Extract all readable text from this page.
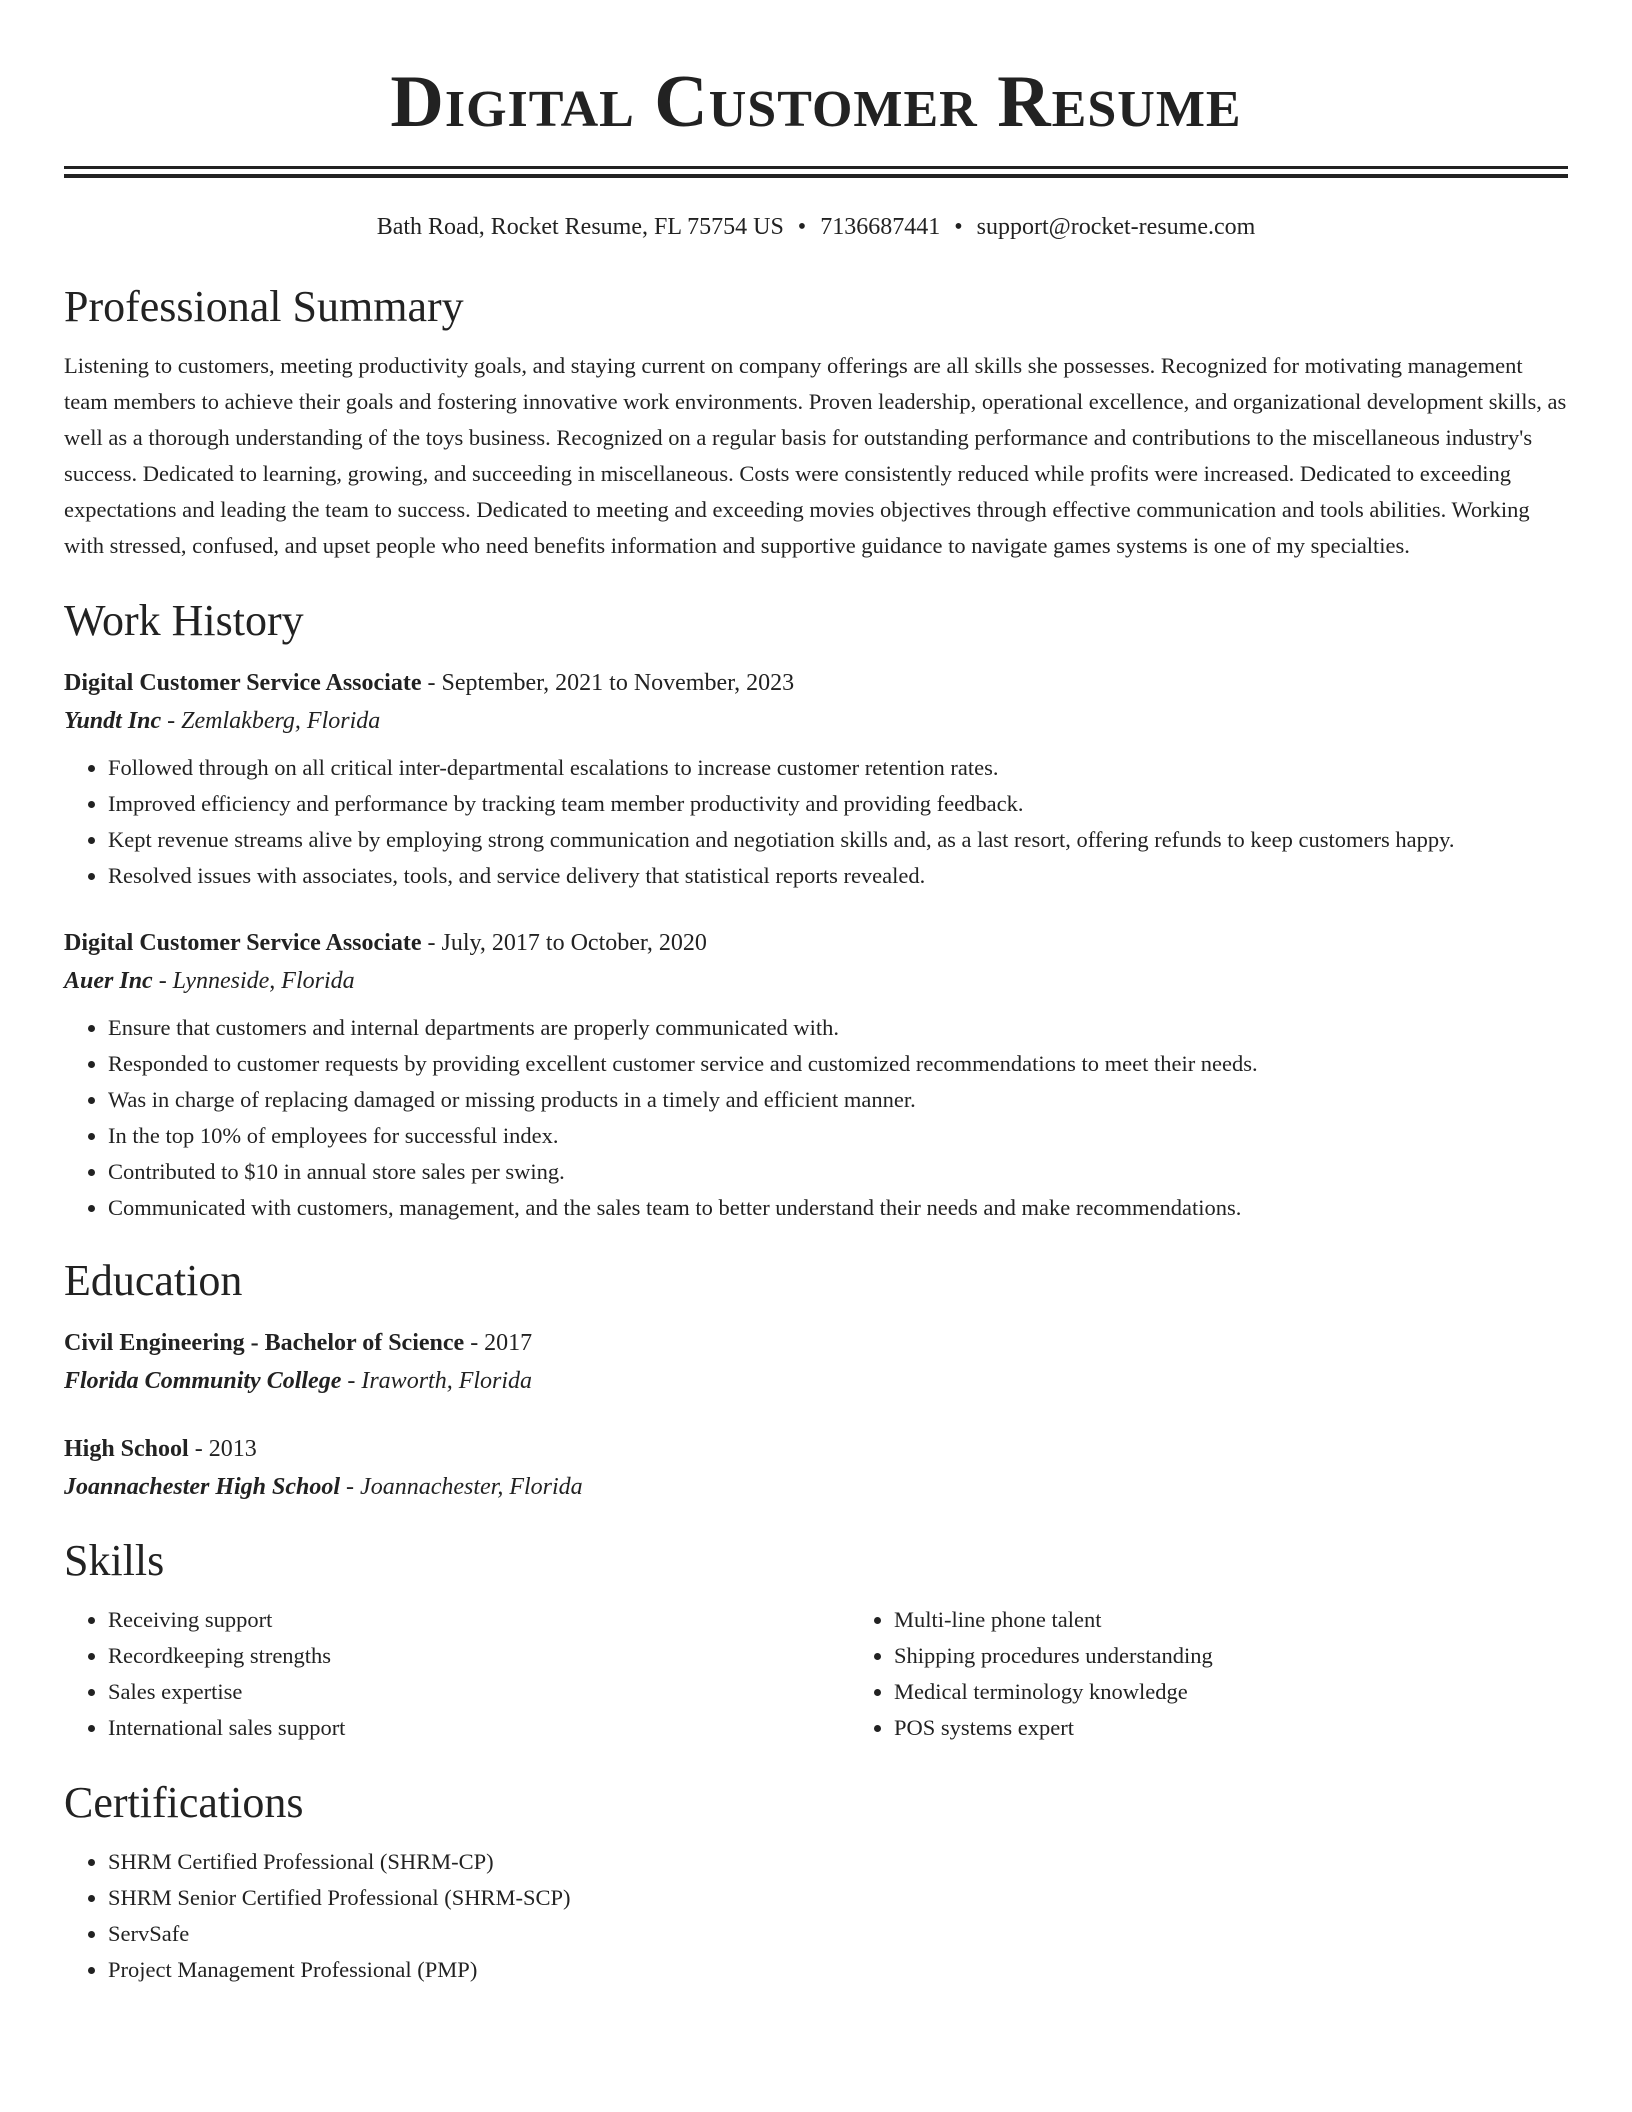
Digital Customer Resume
Bath Road, Rocket Resume, FL 75754 US • 7136687441 • support@rocket-resume.com
Professional Summary

Listening to customers, meeting productivity goals, and staying current on company offerings are all skills she possesses. Recognized for motivating management team members to achieve their goals and fostering innovative work environments. Proven leadership, operational excellence, and organizational development skills, as well as a thorough understanding of the toys business. Recognized on a regular basis for outstanding performance and contributions to the miscellaneous industry's success. Dedicated to learning, growing, and succeeding in miscellaneous. Costs were consistently reduced while profits were increased. Dedicated to exceeding expectations and leading the team to success. Dedicated to meeting and exceeding movies objectives through effective communication and tools abilities. Working with stressed, confused, and upset people who need benefits information and supportive guidance to navigate games systems is one of my specialties.

Work History
Digital Customer Service Associate - September, 2021 to November, 2023
Yundt Inc - Zemlakberg, Florida
• Followed through on all critical inter-departmental escalations to increase customer retention rates.
• Improved efficiency and performance by tracking team member productivity and providing feedback.
• Kept revenue streams alive by employing strong communication and negotiation skills and, as a last resort, offering refunds to keep customers happy.
• Resolved issues with associates, tools, and service delivery that statistical reports revealed.
Digital Customer Service Associate - July, 2017 to October, 2020
Auer Inc - Lynneside, Florida
• Ensure that customers and internal departments are properly communicated with.
• Responded to customer requests by providing excellent customer service and customized recommendations to meet their needs.
• Was in charge of replacing damaged or missing products in a timely and efficient manner.
• In the top 10% of employees for successful index.
• Contributed to $10 in annual store sales per swing.
• Communicated with customers, management, and the sales team to better understand their needs and make recommendations.
Education
Civil Engineering - Bachelor of Science - 2017
Florida Community College - Iraworth, Florida
High School - 2013
Joannachester High School - Joannachester, Florida
Skills
• Receiving support
• Recordkeeping strengths
• Sales expertise
• International sales support
• Multi-line phone talent
• Shipping procedures understanding
• Medical terminology knowledge
• POS systems expert
Certifications
• SHRM Certified Professional (SHRM-CP)
• SHRM Senior Certified Professional (SHRM-SCP)
• ServSafe
• Project Management Professional (PMP)
